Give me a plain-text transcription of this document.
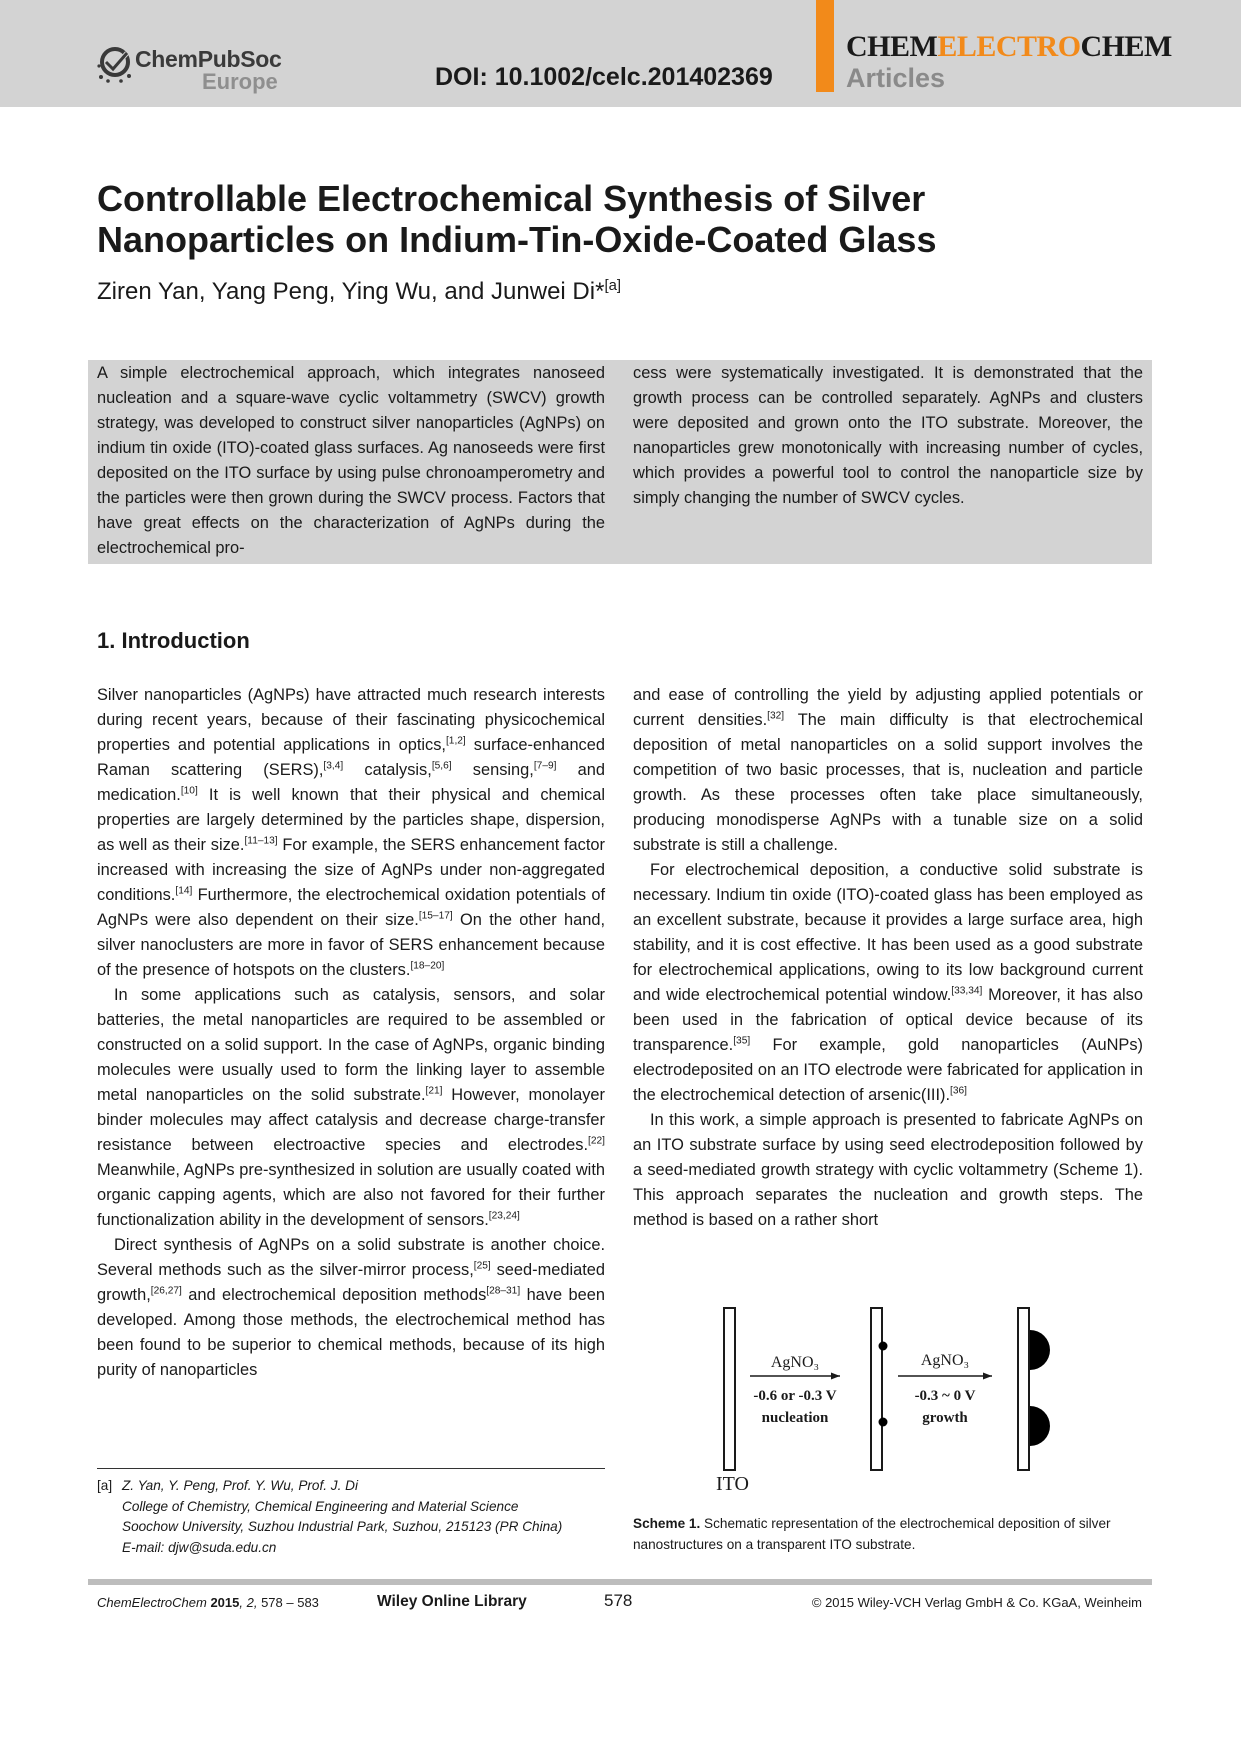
ChemPubSoc
Europe	DOI: 10.1002/celc.201402369
CHEMELECTROCHEM
Articles
Controllable Electrochemical Synthesis of Silver Nanoparticles on Indium-Tin-Oxide-Coated Glass
Ziren Yan, Yang Peng, Ying Wu, and Junwei Di*[a]

A simple electrochemical approach, which integrates nanoseed nucleation and a square-wave cyclic voltammetry (SWCV) growth strategy, was developed to construct silver nanoparticles (AgNPs) on indium tin oxide (ITO)-coated glass surfaces. Ag nanoseeds were first deposited on the ITO surface by using pulse chronoamperometry and the particles were then grown during the SWCV process. Factors that have great effects on the characterization of AgNPs during the electrochemical pro-

cess were systematically investigated. It is demonstrated that the growth process can be controlled separately. AgNPs and clusters were deposited and grown onto the ITO substrate. Moreover, the nanoparticles grew monotonically with increasing number of cycles, which provides a powerful tool to control the nanoparticle size by simply changing the number of SWCV cycles.

1. Introduction

Silver nanoparticles (AgNPs) have attracted much research interests during recent years, because of their fascinating physicochemical properties and potential applications in optics,[1,2] surface-enhanced Raman scattering (SERS),[3,4] catalysis,[5,6] sensing,[7–9] and medication.[10] It is well known that their physical and chemical properties are largely determined by the particles shape, dispersion, as well as their size.[11–13] For example, the SERS enhancement factor increased with increasing the size of AgNPs under non-aggregated conditions.[14] Furthermore, the electrochemical oxidation potentials of AgNPs were also dependent on their size.[15–17] On the other hand, silver nanoclusters are more in favor of SERS enhancement because of the presence of hotspots on the clusters.[18–20]

In some applications such as catalysis, sensors, and solar batteries, the metal nanoparticles are required to be assembled or constructed on a solid support. In the case of AgNPs, organic binding molecules were usually used to form the linking layer to assemble metal nanoparticles on the solid substrate.[21] However, monolayer binder molecules may affect catalysis and decrease charge-transfer resistance between electroactive species and electrodes.[22] Meanwhile, AgNPs pre-synthesized in solution are usually coated with organic capping agents, which are also not favored for their further functionalization ability in the development of sensors.[23,24]

Direct synthesis of AgNPs on a solid substrate is another choice. Several methods such as the silver-mirror process,[25] seed-mediated growth,[26,27] and electrochemical deposition methods[28–31] have been developed. Among those methods, the electrochemical method has been found to be superior to chemical methods, because of its high purity of nanoparticles

and ease of controlling the yield by adjusting applied potentials or current densities.[32] The main difficulty is that electrochemical deposition of metal nanoparticles on a solid support involves the competition of two basic processes, that is, nucleation and particle growth. As these processes often take place simultaneously, producing monodisperse AgNPs with a tunable size on a solid substrate is still a challenge.

For electrochemical deposition, a conductive solid substrate is necessary. Indium tin oxide (ITO)-coated glass has been employed as an excellent substrate, because it provides a large surface area, high stability, and it is cost effective. It has been used as a good substrate for electrochemical applications, owing to its low background current and wide electrochemical potential window.[33,34] Moreover, it has also been used in the fabrication of optical device because of its transparence.[35] For example, gold nanoparticles (AuNPs) electrodeposited on an ITO electrode were fabricated for application in the electrochemical detection of arsenic(III).[36]

In this work, a simple approach is presented to fabricate AgNPs on an ITO substrate surface by using seed electrodeposition followed by a seed-mediated growth strategy with cyclic voltammetry (Scheme 1). This approach separates the nucleation and growth steps. The method is based on a rather short

[a] Z. Yan, Y. Peng, Prof. Y. Wu, Prof. J. Di
College of Chemistry, Chemical Engineering and Material Science
Soochow University, Suzhou Industrial Park, Suzhou, 215123 (PR China)
E-mail: djw@suda.edu.cn
AgNO₃
-0.6 or -0.3 V
nucleation
AgNO₃
-0.3 ~ 0 V
growth
ITO
Scheme 1. Schematic representation of the electrochemical deposition of silver nanostructures on a transparent ITO substrate.
ChemElectroChem 2015, 2, 578 – 583	Wiley Online Library	578	© 2015 Wiley-VCH Verlag GmbH & Co. KGaA, Weinheim
